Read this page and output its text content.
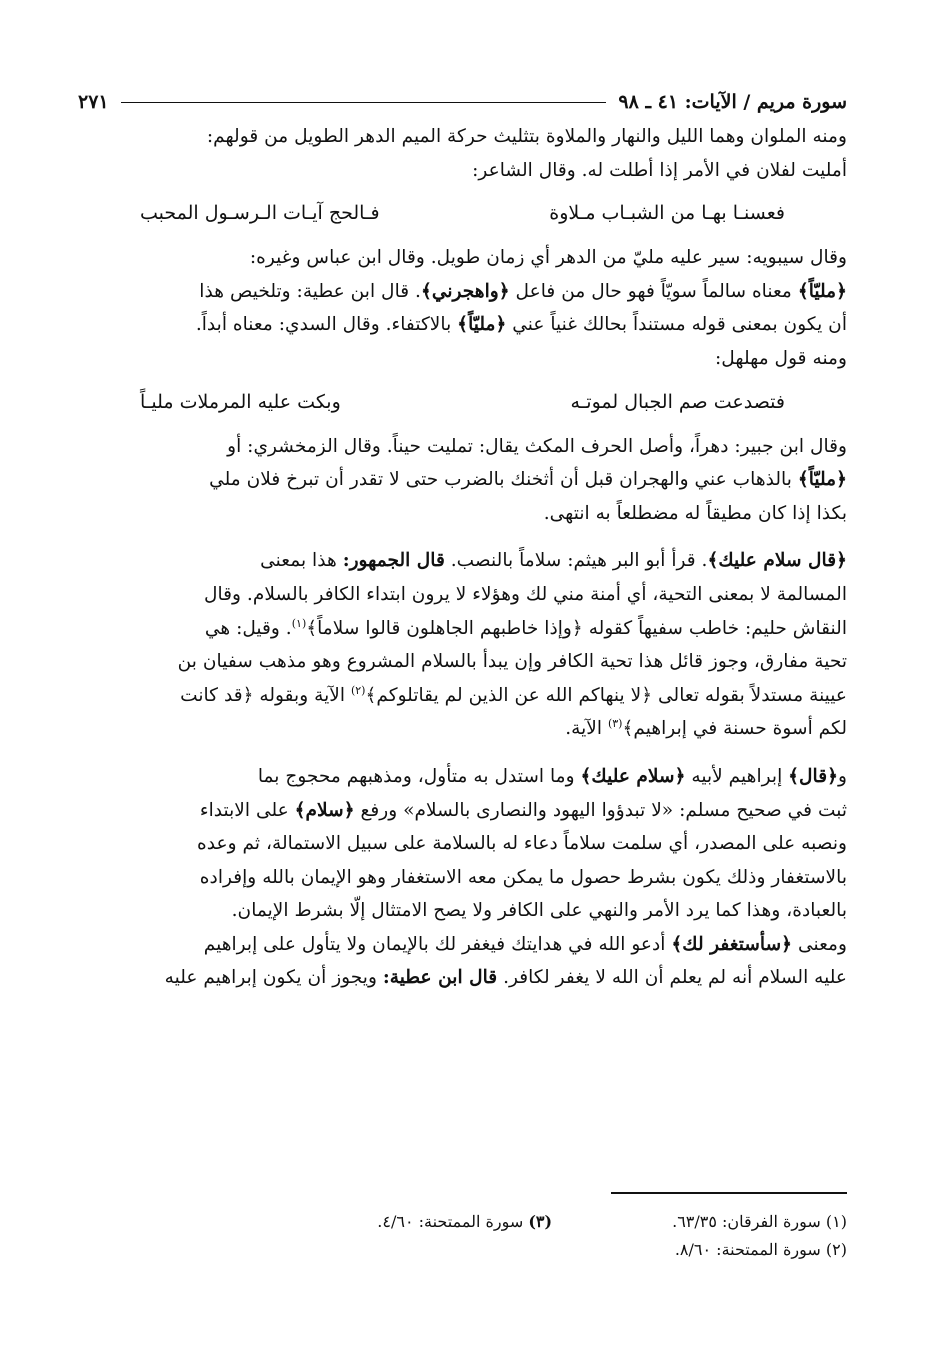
سورة مريم / الآيات: ٤١ ـ ٩٨
٢٧١

ومنه الملوان وهما الليل والنهار والملاوة بتثليث حركة الميم الدهر الطويل من قولهم:
أمليت لفلان في الأمر إذا أطلت له. وقال الشاعر:

فعسنـا بهـا من الشبـاب مـلاوة
فـالحج آيـات الـرسـول المحبب

وقال سيبويه: سير عليه مليّ من الدهر أي زمان طويل. وقال ابن عباس وغيره:
﴿مليّاً﴾ معناه سالماً سويّاً فهو حال من فاعل ﴿واهجرني﴾. قال ابن عطية: وتلخيص هذا
أن يكون بمعنى قوله مستنداً بحالك غنياً عني ﴿مليّاً﴾ بالاكتفاء. وقال السدي: معناه أبداً.
ومنه قول مهلهل:

فتصدعت صم الجبال لموتـه
وبكت عليه المرملات مليـاً

وقال ابن جبير: دهراً، وأصل الحرف المكث يقال: تمليت حيناً. وقال الزمخشري: أو
﴿مليّاً﴾ بالذهاب عني والهجران قبل أن أثخنك بالضرب حتى لا تقدر أن تبرخ فلان ملي
بكذا إذا كان مطيقاً له مضطلعاً به انتهى.

﴿قال سلام عليك﴾. قرأ أبو البر هيثم: سلاماً بالنصب. قال الجمهور: هذا بمعنى
المسالمة لا بمعنى التحية، أي أمنة مني لك وهؤلاء لا يرون ابتداء الكافر بالسلام. وقال
النقاش حليم: خاطب سفيهاً كقوله ﴿وإذا خاطبهم الجاهلون قالوا سلاماً﴾$^{(١)}$. وقيل: هي
تحية مفارق، وجوز قائل هذا تحية الكافر وإن يبدأ بالسلام المشروع وهو مذهب سفيان بن
عيينة مستدلاً بقوله تعالى ﴿لا ينهاكم الله عن الذين لم يقاتلوكم﴾$^{(٢)}$ الآية وبقوله ﴿قد كانت
لكم أسوة حسنة في إبراهيم﴾$^{(٣)}$ الآية.

و﴿قال﴾ إبراهيم لأبيه ﴿سلام عليك﴾ وما استدل به متأول، ومذهبهم محجوج بما
ثبت في صحيح مسلم: «لا تبدؤوا اليهود والنصارى بالسلام» ورفع ﴿سلام﴾ على الابتداء
ونصبه على المصدر، أي سلمت سلاماً دعاء له بالسلامة على سبيل الاستمالة، ثم وعده
بالاستغفار وذلك يكون بشرط حصول ما يمكن معه الاستغفار وهو الإيمان بالله وإفراده
بالعبادة، وهذا كما يرد الأمر والنهي على الكافر ولا يصح الامتثال إلّا بشرط الإيمان.
ومعنى ﴿سأستغفر لك﴾ أدعو الله في هدايتك فيغفر لك بالإيمان ولا يتأول على إبراهيم
عليه السلام أنه لم يعلم أن الله لا يغفر لكافر. قال ابن عطية: ويجوز أن يكون إبراهيم عليه

(١) سورة الفرقان: ٦٣/٣٥.
(٣) سورة الممتحنة: ٤/٦٠.
(٢) سورة الممتحنة: ٨/٦٠.
